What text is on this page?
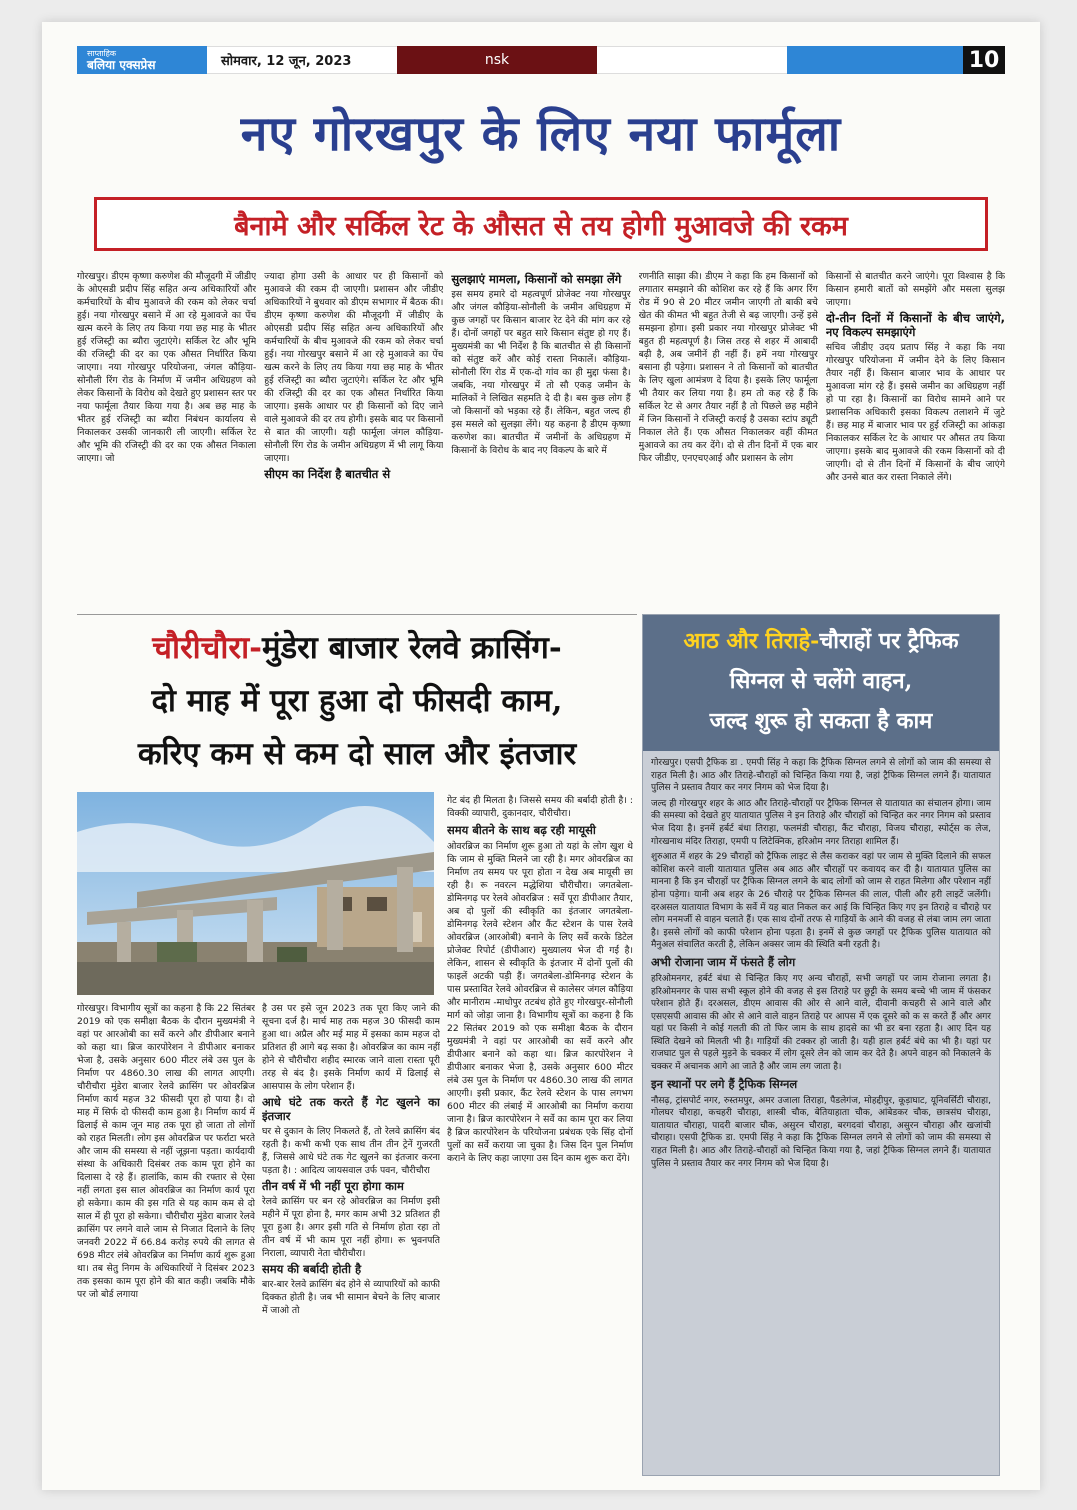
साप्ताहिक
बलिया एक्सप्रेस	सोमवार, 12 जून, 2023	nsk	10
नए गोरखपुर के लिए नया फार्मूला
बैनामे और सर्किल रेट के औसत से तय होगी मुआवजे की रकम

गोरखपुर। डीएम कृष्णा करुणेश की मौजूदगी में जीडीए के ओएसडी प्रदीप सिंह सहित अन्य अधिकारियों और कर्मचारियों के बीच मुआवजे की रकम को लेकर चर्चा हुई। नया गोरखपुर बसाने में आ रहे मुआवजे का पेंच खत्म करने के लिए तय किया गया छह माह के भीतर हुई रजिस्ट्री का ब्यौरा जुटाएंगे। सर्किल रेट और भूमि की रजिस्ट्री की दर का एक औसत निर्धारित किया जाएगा। नया गोरखपुर परियोजना, जंगल कौड़िया-सोनौली रिंग रोड के निर्माण में जमीन अधिग्रहण को लेकर किसानों के विरोध को देखते हुए प्रशासन स्तर पर नया फार्मूला तैयार किया गया है। अब छह माह के भीतर हुई रजिस्ट्री का ब्यौरा निबंधन कार्यालय से निकालकर उसकी जानकारी ली जाएगी। सर्किल रेट और भूमि की रजिस्ट्री की दर का एक औसत निकाला जाएगा। जो

ज्यादा होगा उसी के आधार पर ही किसानों को मुआवजे की रकम दी जाएगी। प्रशासन और जीडीए अधिकारियों ने बुधवार को डीएम सभागार में बैठक की। डीएम कृष्णा करुणेश की मौजूदगी में जीडीए के ओएसडी प्रदीप सिंह सहित अन्य अधिकारियों और कर्मचारियों के बीच मुआवजे की रकम को लेकर चर्चा हुई। नया गोरखपुर बसाने में आ रहे मुआवजे का पेंच खत्म करने के लिए तय किया गया छह माह के भीतर हुई रजिस्ट्री का ब्यौरा जुटाएंगे। सर्किल रेट और भूमि की रजिस्ट्री की दर का एक औसत निर्धारित किया जाएगा। इसके आधार पर ही किसानों को दिए जाने वाले मुआवजे की दर तय होगी। इसके बाद पर किसानों से बात की जाएगी। यही फार्मूला जंगल कौड़िया-सोनौली रिंग रोड के जमीन अधिग्रहण में भी लागू किया जाएगा।

सीएम का निर्देश है बातचीत से
सुलझाएं मामला, किसानों को समझा लेंगे

इस समय हमारे दो महत्वपूर्ण प्रोजेक्ट नया गोरखपुर और जंगल कौड़िया-सोनौली के जमीन अधिग्रहण में कुछ जगहों पर किसान बाजार रेट देने की मांग कर रहे हैं। दोनों जगहों पर बहुत सारे किसान संतुष्ट हो गए हैं। मुख्यमंत्री का भी निर्देश है कि बातचीत से ही किसानों को संतुष्ट करें और कोई रास्ता निकालें। कौड़िया-सोनौली रिंग रोड में एक-दो गांव का ही मुद्दा फंसा है। जबकि, नया गोरखपुर में तो सौ एकड़ जमीन के मालिकों ने लिखित सहमति दे दी है। बस कुछ लोग हैं जो किसानों को भड़का रहे हैं। लेकिन, बहुत जल्द ही इस मसले को सुलझा लेंगे। यह कहना है डीएम कृष्णा करुणेश का। बातचीत में जमीनों के अधिग्रहण में किसानों के विरोध के बाद नए विकल्प के बारे में

रणनीति साझा की। डीएम ने कहा कि हम किसानों को लगातार समझाने की कोशिश कर रहे हैं कि अगर रिंग रोड में 90 से 20 मीटर जमीन जाएगी तो बाकी बचे खेत की कीमत भी बहुत तेजी से बढ़ जाएगी। उन्हें इसे समझना होगा। इसी प्रकार नया गोरखपुर प्रोजेक्ट भी बहुत ही महत्वपूर्ण है। जिस तरह से शहर में आबादी बढ़ी है, अब जमीनें ही नहीं हैं। हमें नया गोरखपुर बसाना ही पड़ेगा। प्रशासन ने तो किसानों को बातचीत के लिए खुला आमंत्रण दे दिया है। इसके लिए फार्मूला भी तैयार कर लिया गया है। हम तो कह रहे हैं कि सर्किल रेट से अगर तैयार नहीं है तो पिछले छह महीने में जिन किसानों ने रजिस्ट्री कराई है उसका स्टांप ड्यूटी निकाल लेते हैं। एक औसत निकालकर वहीं कीमत मुआवजे का तय कर देंगे। दो से तीन दिनों में एक बार फिर जीडीए, एनएचएआई और प्रशासन के लोग

किसानों से बातचीत करने जाएंगे। पूरा विश्वास है कि किसान हमारी बातों को समझेंगे और मसला सुलझ जाएगा।

दो-तीन दिनों में किसानों के बीच जाएंगे, नए विकल्प समझाएंगे

सचिव जीडीए उदय प्रताप सिंह ने कहा कि नया गोरखपुर परियोजना में जमीन देने के लिए किसान तैयार नहीं हैं। किसान बाजार भाव के आधार पर मुआवजा मांग रहे हैं। इससे जमीन का अधिग्रहण नहीं हो पा रहा है। किसानों का विरोध सामने आने पर प्रशासनिक अधिकारी इसका विकल्प तलाशने में जुटे हैं। छह माह में बाजार भाव पर हुई रजिस्ट्री का आंकड़ा निकालकर सर्किल रेट के आधार पर औसत तय किया जाएगा। इसके बाद मुआवजे की रकम किसानों को दी जाएगी। दो से तीन दिनों में किसानों के बीच जाएंगे और उनसे बात कर रास्ता निकाले लेंगे।

चौरीचौरा-मुंडेरा बाजार रेलवे क्रासिंग-
दो माह में पूरा हुआ दो फीसदी काम,
करिए कम से कम दो साल और इंतजार

गोरखपुर। विभागीय सूत्रों का कहना है कि 22 सितंबर 2019 को एक समीक्षा बैठक के दौरान मुख्यमंत्री ने वहां पर आरओबी का सर्वे करने और डीपीआर बनाने को कहा था। ब्रिज कारपोरेशन ने डीपीआर बनाकर भेजा है, उसके अनुसार 600 मीटर लंबे उस पुल के निर्माण पर 4860.30 लाख की लागत आएगी। चौरीचौरा मुंडेरा बाजार रेलवे क्रासिंग पर ओवरब्रिज निर्माण कार्य महज 32 फीसदी पूरा हो पाया है। दो माह में सिर्फ दो फीसदी काम हुआ है। निर्माण कार्य में ढिलाई से काम जून माह तक पूरा हो जाता तो लोगों को राहत मिलती। लोग इस ओवरब्रिज पर फर्राटा भरते और जाम की समस्या से नहीं जूझना पड़ता। कार्यदायी संस्था के अधिकारी दिसंबर तक काम पूरा होने का दिलासा दे रहे हैं। हालांकि, काम की रफ्तार से ऐसा नहीं लगता इस साल ओवरब्रिज का निर्माण कार्य पूरा हो सकेगा। काम की इस गति से यह काम कम से दो साल में ही पूरा हो सकेगा। चौरीचौरा मुंडेरा बाजार रेलवे क्रासिंग पर लगने वाले जाम से निजात दिलाने के लिए जनवरी 2022 में 66.84 करोड़ रुपये की लागत से 698 मीटर लंबे ओवरब्रिज का निर्माण कार्य शुरू हुआ था। तब सेतु निगम के अधिकारियों ने दिसंबर 2023 तक इसका काम पूरा होने की बात कही। जबकि मौके पर जो बोर्ड लगाया

है उस पर इसे जून 2023 तक पूरा किए जाने की सूचना दर्ज है। मार्च माह तक महज 30 फीसदी काम हुआ था। अप्रैल और मई माह में इसका काम महज दो प्रतिशत ही आगे बढ़ सका है। ओवरब्रिज का काम नहीं होने से चौरीचौरा शहीद स्मारक जाने वाला रास्ता पूरी तरह से बंद है। इसके निर्माण कार्य में ढिलाई से आसपास के लोग परेशान हैं।

आधे घंटे तक करते हैं गेट खुलने का इंतजार

घर से दुकान के लिए निकलते हैं, तो रेलवे क्रासिंग बंद रहती है। कभी कभी एक साथ तीन तीन ट्रेनें गुजरती हैं, जिससे आधे घंटे तक गेट खुलने का इंतजार करना पड़ता है। : आदित्य जायसवाल उर्फ पवन, चौरीचौरा

तीन वर्ष में भी नहीं पूरा होगा काम

रेलवे क्रासिंग पर बन रहे ओवरब्रिज का निर्माण इसी महीने में पूरा होना है, मगर काम अभी 32 प्रतिशत ही पूरा हुआ है। अगर इसी गति से निर्माण होता रहा तो तीन वर्ष में भी काम पूरा नहीं होगा। रू भुवनपति निराला, व्यापारी नेता चौरीचौरा।

समय की बर्बादी होती है

बार-बार रेलवे क्रासिंग बंद होने से व्यापारियों को काफी दिक्कत होती है। जब भी सामान बेचने के लिए बाजार में जाओ तो

गेट बंद ही मिलता है। जिससे समय की बर्बादी होती है। : विक्की व्यापारी, दुकानदार, चौरीचौरा।

समय बीतने के साथ बढ़ रही मायूसी

ओवरब्रिज का निर्माण शुरू हुआ तो यहां के लोग खुश थे कि जाम से मुक्ति मिलने जा रही है। मगर ओवरब्रिज का निर्माण तय समय पर पूरा होता न देख अब मायूसी छा रही है। रू नवरत्न मद्धेशिया चौरीचौरा। जगतबेला- डोमिनगढ़ पर रेलवे ओवरब्रिज : सर्वे पूरा डीपीआर तैयार, अब दो पुलों की स्वीकृति का इंतजार जगतबेला-डोमिनगढ़ रेलवे स्टेशन और कैंट स्टेशन के पास रेलवे ओवरब्रिज (आरओबी) बनाने के लिए सर्वे करके डिटेल प्रोजेक्ट रिपोर्ट (डीपीआर) मुख्यालय भेज दी गई है। लेकिन, शासन से स्वीकृति के इंतजार में दोनों पुलों की फाइलें अटकी पड़ी हैं। जगतबेला-डोमिनगढ़ स्टेशन के पास प्रस्तावित रेलवे ओवरब्रिज से कालेसर जंगल कौड़िया और मानीराम -माधोपुर तटबंध होते हुए गोरखपुर-सोनौली मार्ग को जोड़ा जाना है। विभागीय सूत्रों का कहना है कि 22 सितंबर 2019 को एक समीक्षा बैठक के दौरान मुख्यमंत्री ने वहां पर आरओबी का सर्वे करने और डीपीआर बनाने को कहा था। ब्रिज कारपोरेशन ने डीपीआर बनाकर भेजा है, उसके अनुसार 600 मीटर लंबे उस पुल के निर्माण पर 4860.30 लाख की लागत आएगी। इसी प्रकार, कैंट रेलवे स्टेशन के पास लगभग 600 मीटर की लंबाई में आरओबी का निर्माण कराया जाना है। ब्रिज कारपोरेशन ने सर्वे का काम पूरा कर लिया है ब्रिज कारपोरेशन के परियोजना प्रबंधक एके सिंह दोनों पुलों का सर्वे कराया जा चुका है। जिस दिन पुल निर्माण कराने के लिए कहा जाएगा उस दिन काम शुरू करा देंगे।

आठ और तिराहे-चौराहों पर ट्रैफिक
सिग्नल से चलेंगे वाहन,
जल्द शुरू हो सकता है काम

गोरखपुर। एसपी ट्रैफिक डा . एमपी सिंह ने कहा कि ट्रैफिक सिग्नल लगने से लोगों को जाम की समस्या से राहत मिली है। आठ और तिराहे-चौराहों को चिन्हित किया गया है, जहां ट्रैफिक सिग्नल लगने हैं। यातायात पुलिस ने प्रस्ताव तैयार कर नगर निगम को भेज दिया है।

जल्द ही गोरखपुर शहर के आठ और तिराहे-चौराहों पर ट्रैफिक सिग्नल से यातायात का संचालन होगा। जाम की समस्या को देखते हुए यातायात पुलिस ने इन तिराहे और चौराहों को चिन्हित कर नगर निगम को प्रस्ताव भेज दिया है। इनमें हर्बर्ट बंधा तिराहा, फलमंडी चौराहा, कैंट चौराहा, विजय चौराहा, स्पोर्ट्स क लेज, गोरखनाथ मंदिर तिराहा, एमपी प लिटेक्निक, हरिओम नगर तिराहा शामिल हैं।

शुरुआत में शहर के 29 चौराहों को ट्रैफिक लाइट से लैस कराकर वहां पर जाम से मुक्ति दिलाने की सफल कोशिश करने वाली यातायात पुलिस अब आठ और चौराहों पर कवायद कर दी है। यातायात पुलिस का मानना है कि इन चौराहों पर ट्रैफिक सिग्नल लगने के बाद लोगों को जाम से राहत मिलेगा और परेशान नहीं होना पड़ेगा। यानी अब शहर के 26 चौराहे पर ट्रैफिक सिग्नल की लाल, पीली और हरी लाइटें जलेंगी। दरअसल यातायात विभाग के सर्वे में यह बात निकल कर आई कि चिन्हित किए गए इन तिराहे व चौराहे पर लोग मनमर्जी से वाहन चलाते हैं। एक साथ दोनों तरफ से गाड़ियों के आने की वजह से लंबा जाम लग जाता है। इससे लोगों को काफी परेशान होना पड़ता है। इनमें से कुछ जगहों पर ट्रैफिक पुलिस यातायात को मैनुअल संचालित करती है, लेकिन अक्सर जाम की स्थिति बनी रहती है।

अभी रोजाना जाम में फंसते हैं लोग

हरिओमनगर, हर्बर्ट बंधा से चिन्हित किए गए अन्य चौराहों, सभी जगहों पर जाम रोजाना लगता है। हरिओमनगर के पास सभी स्कूल होने की वजह से इस तिराहे पर छुट्टी के समय बच्चे भी जाम में फंसकर परेशान होते हैं। दरअसल, डीएम आवास की ओर से आने वाले, दीवानी कचहरी से आने वाले और एसएसपी आवास की ओर से आने वाले वाहन तिराहे पर आपस में एक दूसरे को क स करते हैं और अगर यहां पर किसी ने कोई गलती की तो फिर जाम के साथ हादसे का भी डर बना रहता है। आए दिन यह स्थिति देखने को मिलती भी है। गाड़ियों की टक्कर हो जाती है। यही हाल हर्बर्ट बंधे का भी है। यहां पर राजघाट पुल से पहले मुड़ने के चक्कर में लोग दूसरे लेन को जाम कर देते है। अपने वाहन को निकालने के चक्कर में अचानक आगे आ जाते है और जाम लग जाता है।

इन स्थानों पर लगे हैं ट्रैफिक सिग्नल

नौसढ़, ट्रांसपोर्ट नगर, रुस्तमपुर, अमर उजाला तिराहा, पैडलेगंज, मोहद्दीपुर, कूड़ाघाट, यूनिवर्सिटी चौराहा, गोलघर चौराहा, कचहरी चौराहा, शास्त्री चौक, बेतियाहाता चौक, आंबेडकर चौक, छात्रसंघ चौराहा, यातायात चौराहा, पादरी बाजार चौक, असुरन चौराहा, बरगदवां चौराहा, असुरन चौराहा और खजांची चौराहा। एसपी ट्रैफिक डा. एमपी सिंह ने कहा कि ट्रैफिक सिग्नल लगने से लोगों को जाम की समस्या से राहत मिली है। आठ और तिराहे-चौराहों को चिन्हित किया गया है, जहां ट्रैफिक सिग्नल लगने हैं। यातायात पुलिस ने प्रस्ताव तैयार कर नगर निगम को भेज दिया है।
